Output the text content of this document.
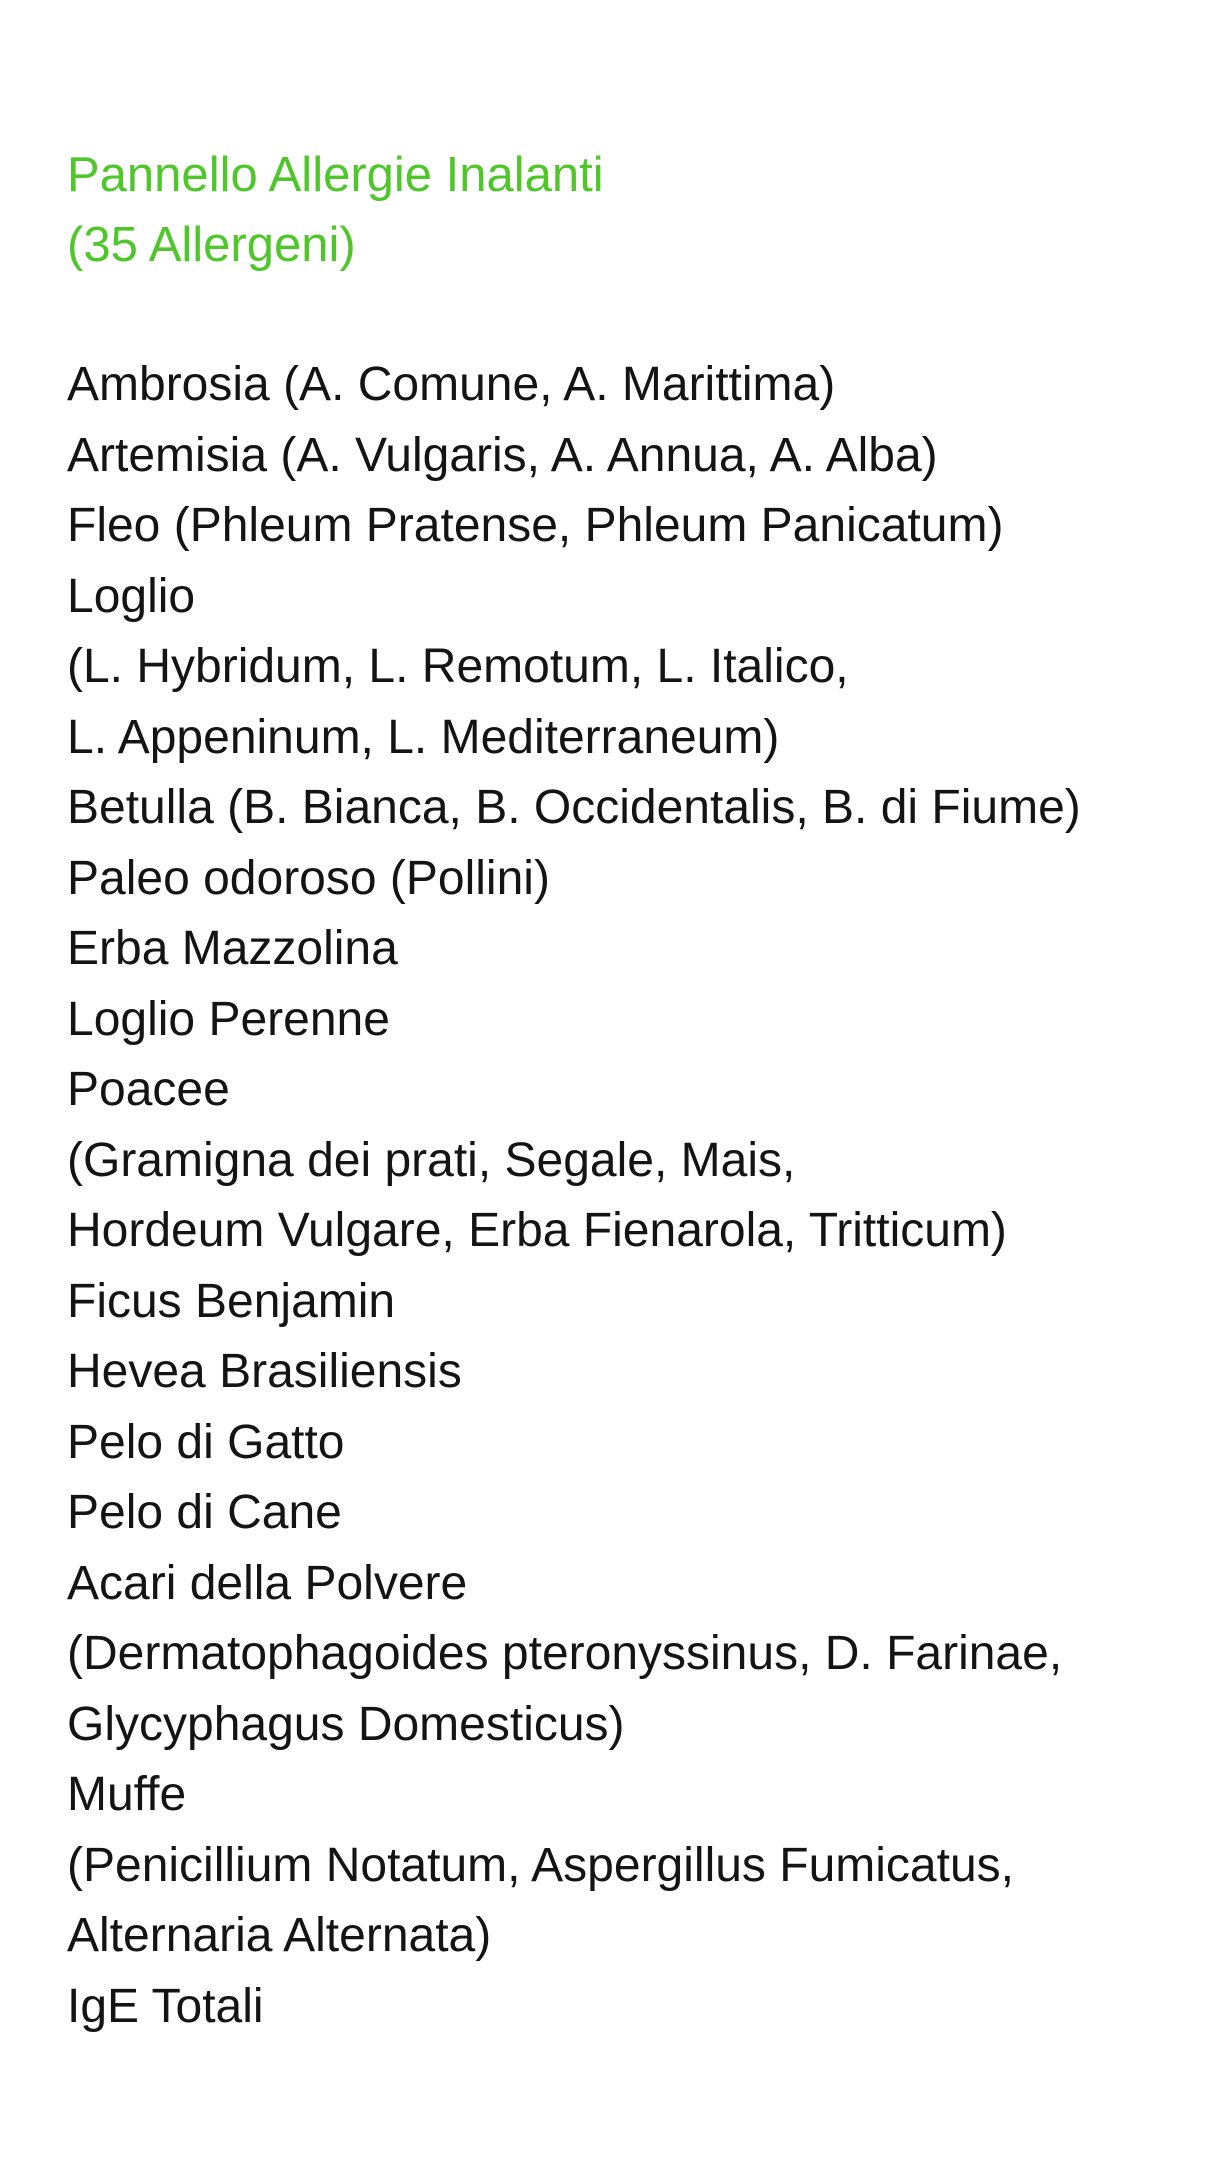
Pannello Allergie Inalanti
(35 Allergeni)
Ambrosia (A. Comune, A. Marittima)
Artemisia (A. Vulgaris, A. Annua, A. Alba)
Fleo (Phleum Pratense, Phleum Panicatum)
Loglio
(L. Hybridum, L. Remotum, L. Italico,
L. Appeninum, L. Mediterraneum)
Betulla (B. Bianca, B. Occidentalis, B. di Fiume)
Paleo odoroso (Pollini)
Erba Mazzolina
Loglio Perenne
Poacee
(Gramigna dei prati, Segale, Mais,
Hordeum Vulgare, Erba Fienarola, Tritticum)
Ficus Benjamin
Hevea Brasiliensis
Pelo di Gatto
Pelo di Cane
Acari della Polvere
(Dermatophagoides pteronyssinus, D. Farinae,
Glycyphagus Domesticus)
Muffe
(Penicillium Notatum, Aspergillus Fumicatus,
Alternaria Alternata)
IgE Totali
